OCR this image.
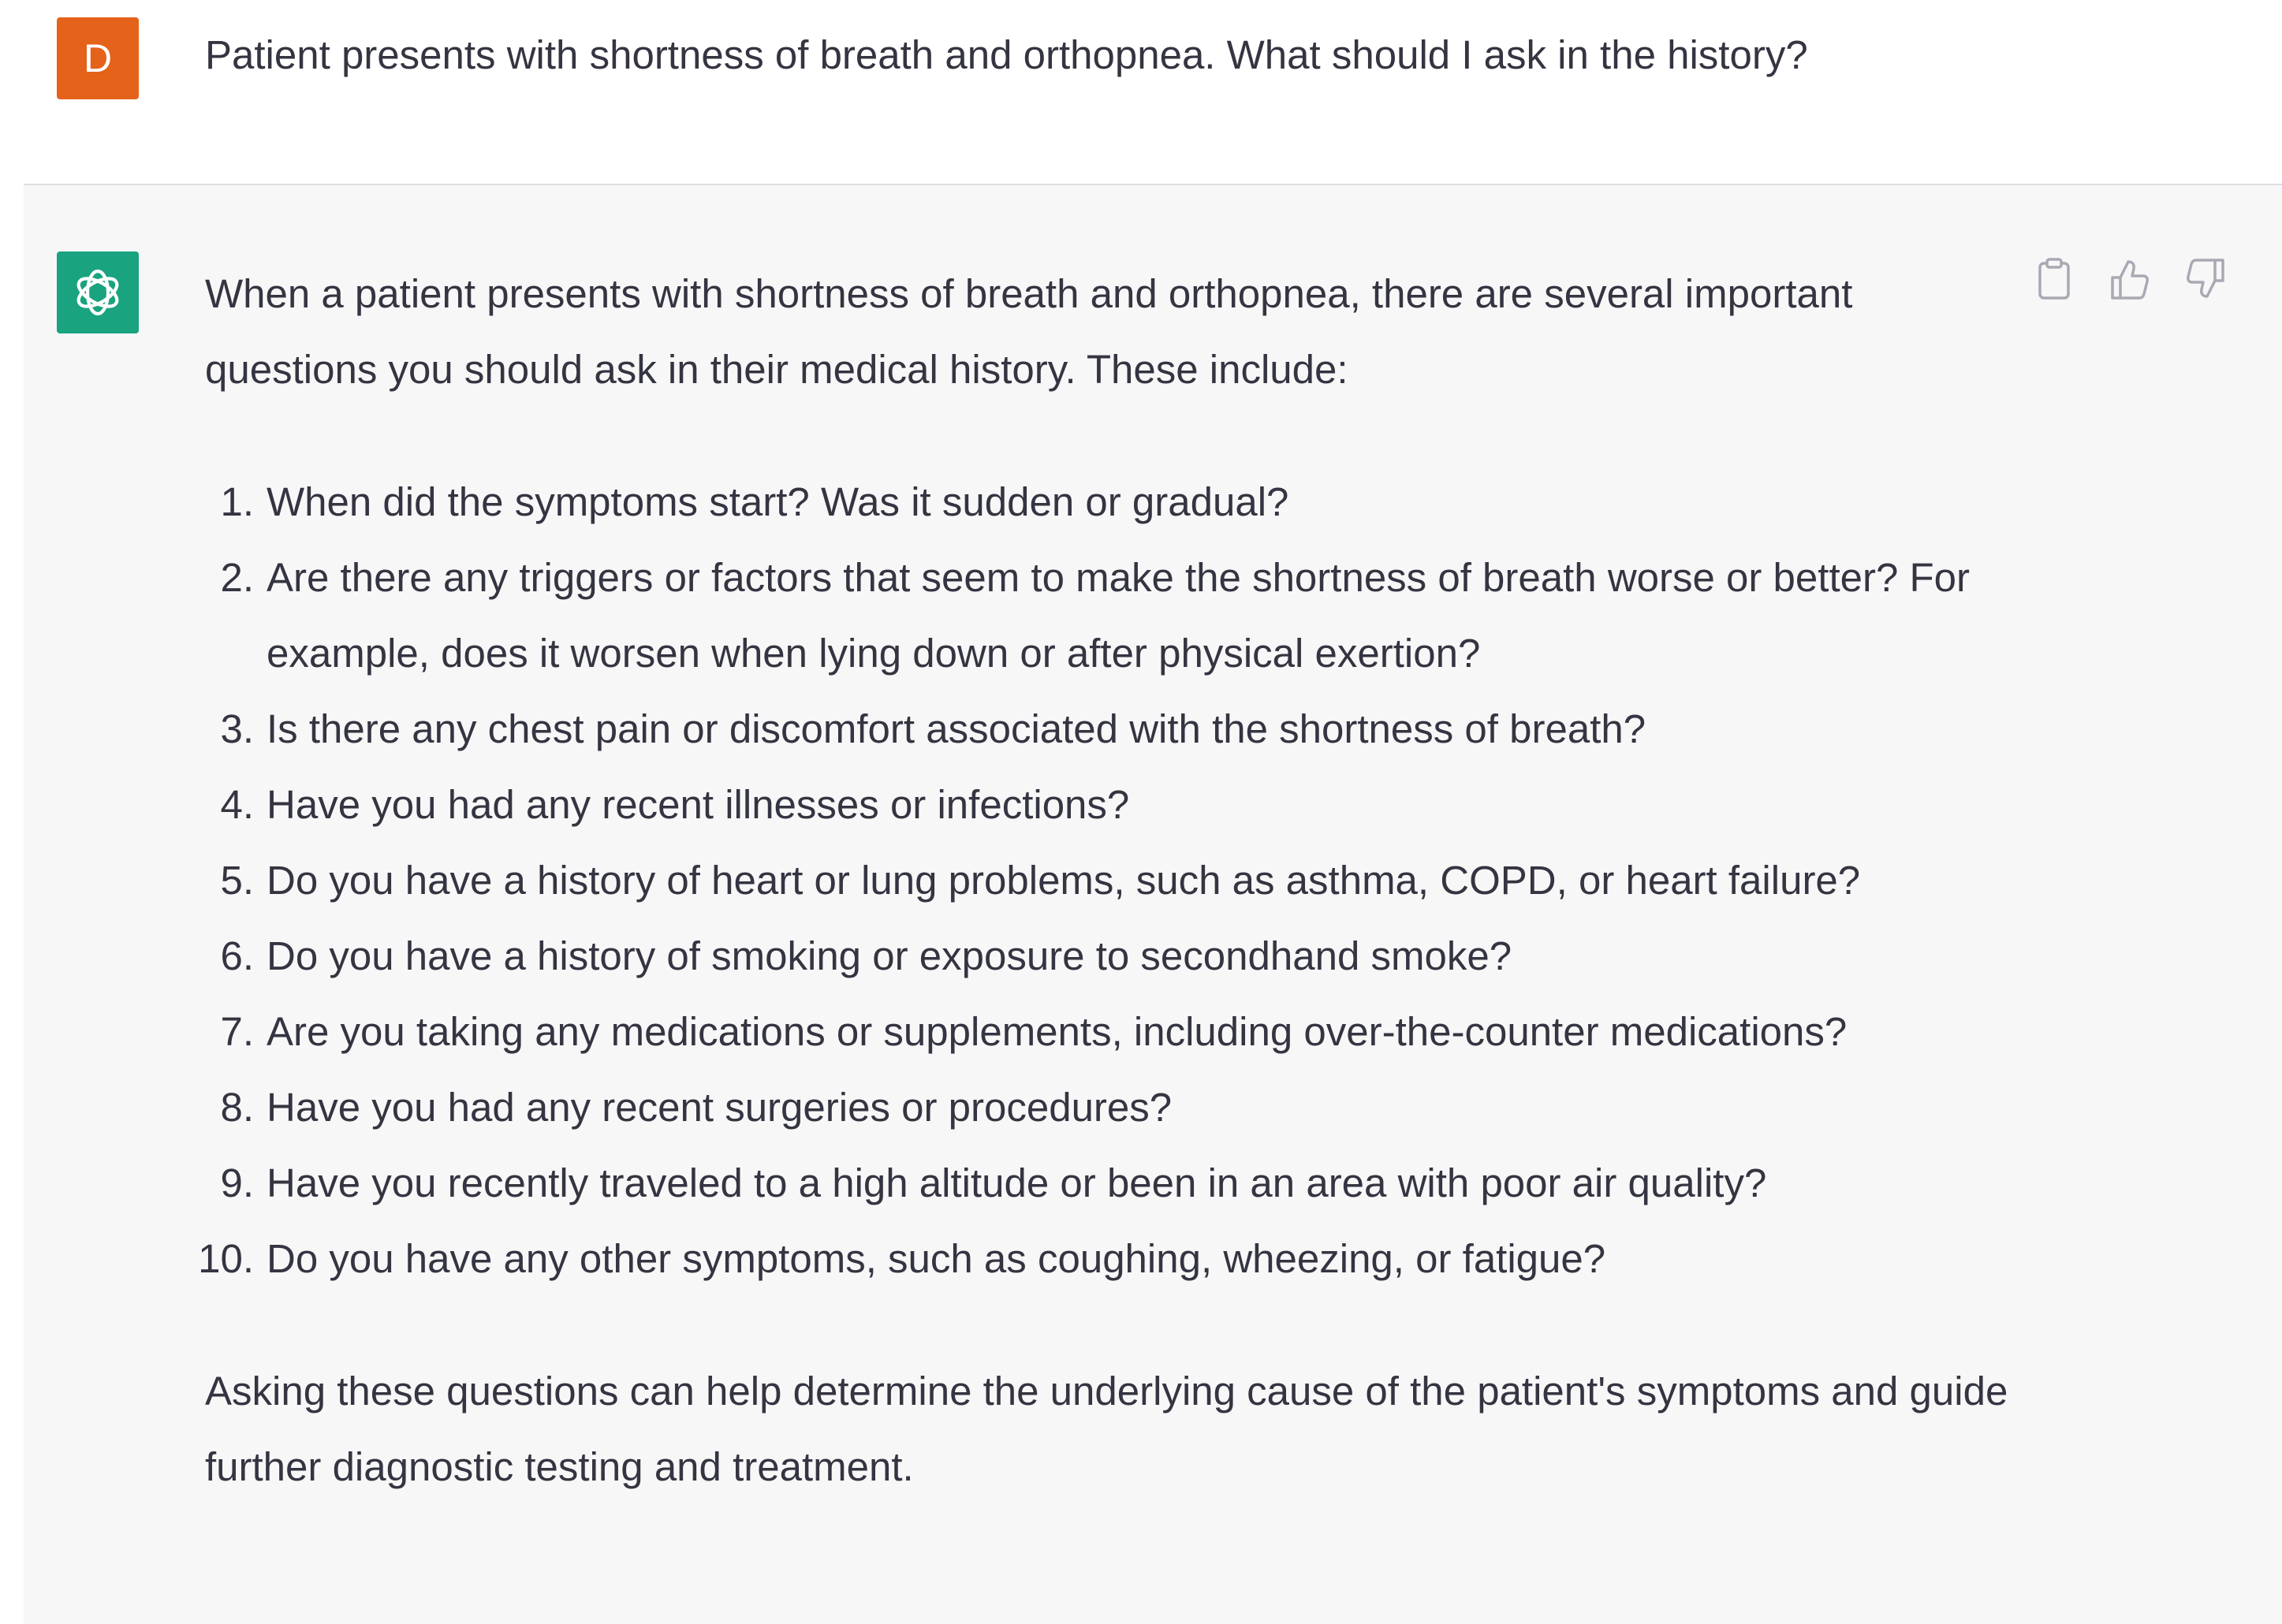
D	Patient presents with shortness of breath and orthopnea. What should I ask in the history?

When a patient presents with shortness of breath and orthopnea, there are several important questions you should ask in their medical history. These include:

1. When did the symptoms start? Was it sudden or gradual?
2. Are there any triggers or factors that seem to make the shortness of breath worse or better? For example, does it worsen when lying down or after physical exertion?
3. Is there any chest pain or discomfort associated with the shortness of breath?
4. Have you had any recent illnesses or infections?
5. Do you have a history of heart or lung problems, such as asthma, COPD, or heart failure?
6. Do you have a history of smoking or exposure to secondhand smoke?
7. Are you taking any medications or supplements, including over-the-counter medications?
8. Have you had any recent surgeries or procedures?
9. Have you recently traveled to a high altitude or been in an area with poor air quality?
10. Do you have any other symptoms, such as coughing, wheezing, or fatigue?

Asking these questions can help determine the underlying cause of the patient's symptoms and guide further diagnostic testing and treatment.
